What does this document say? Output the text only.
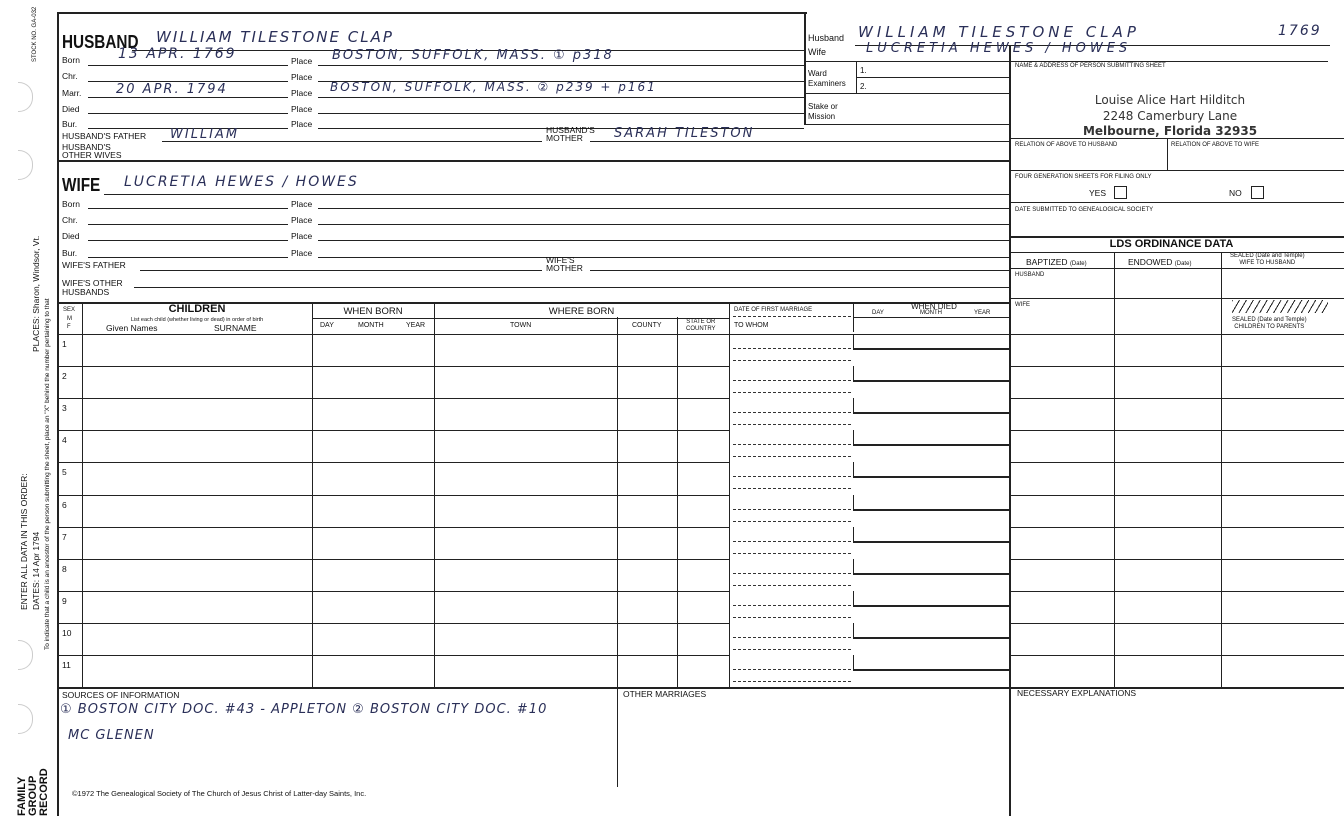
STOCK NO. GA-032
ENTER ALL DATA IN THIS ORDER:
PLACES: Sharon, Windsor, Vt.
DATES: 14 Apr 1794 To indicate that a child is an ancestor of the person submitting the sheet, place an "X" behind the number pertaining to that
FAMILY
GROUP
RECORD
HUSBAND WILLIAM TILESTONE CLAP
Born	13 APR. 1769	Place BOSTON, SUFFOLK, MASS. ① p318
Chr.	Place
Marr.	20 APR. 1794	Place BOSTON, SUFFOLK, MASS. ② p239 + p161
Died	Place
Bur.	Place
HUSBAND'S FATHER WILLIAM	HUSBAND'S
MOTHER	SARAH TILESTON
HUSBAND'S
OTHER WIVES
WIFE LUCRETIA HEWES / HOWES
Born	Place
Chr.	Place
Died	Place
Bur.	Place
WIFE'S FATHER	WIFE'S
MOTHER
WIFE'S OTHER
HUSBANDS
Husband WILLIAM TILESTONE CLAP	1769
Wife	LUCRETIA HEWES / HOWES
Ward	1.
Examiners 2.
Stake or
Mission
NAME & ADDRESS OF PERSON SUBMITTING SHEET
Louise Alice Hart Hilditch
2248 Camerbury Lane
Melbourne, Florida 32935
RELATION OF ABOVE TO HUSBAND	RELATION OF ABOVE TO WIFE
FOUR GENERATION SHEETS FOR FILING ONLY
YES	NO
DATE SUBMITTED TO GENEALOGICAL SOCIETY
LDS ORDINANCE DATA
BAPTIZED (Date)	ENDOWED (Date)
SEALED (Date and Temple)
WIFE TO HUSBAND
HUSBAND
WIFE
SEALED (Date and Temple)
CHILDREN TO PARENTS
SEX
M
F
CHILDREN
List each child (whether living or dead) in order of birth
Given Names	SURNAME
WHEN BORN
DAY	MONTH	YEAR
WHERE BORN
TOWN	COUNTY	STATE OR
COUNTRY
DATE OF FIRST MARRIAGE
TO WHOM
WHEN DIED
DAY	MONTH	YEAR
1
2
3
4
5
6
7
8
9
10
11
SOURCES OF INFORMATION
① BOSTON CITY DOC. #43 - APPLETON ② BOSTON CITY DOC. #10
MC GLENEN
OTHER MARRIAGES	NECESSARY EXPLANATIONS
©1972 The Genealogical Society of The Church of Jesus Christ of Latter-day Saints, Inc.
